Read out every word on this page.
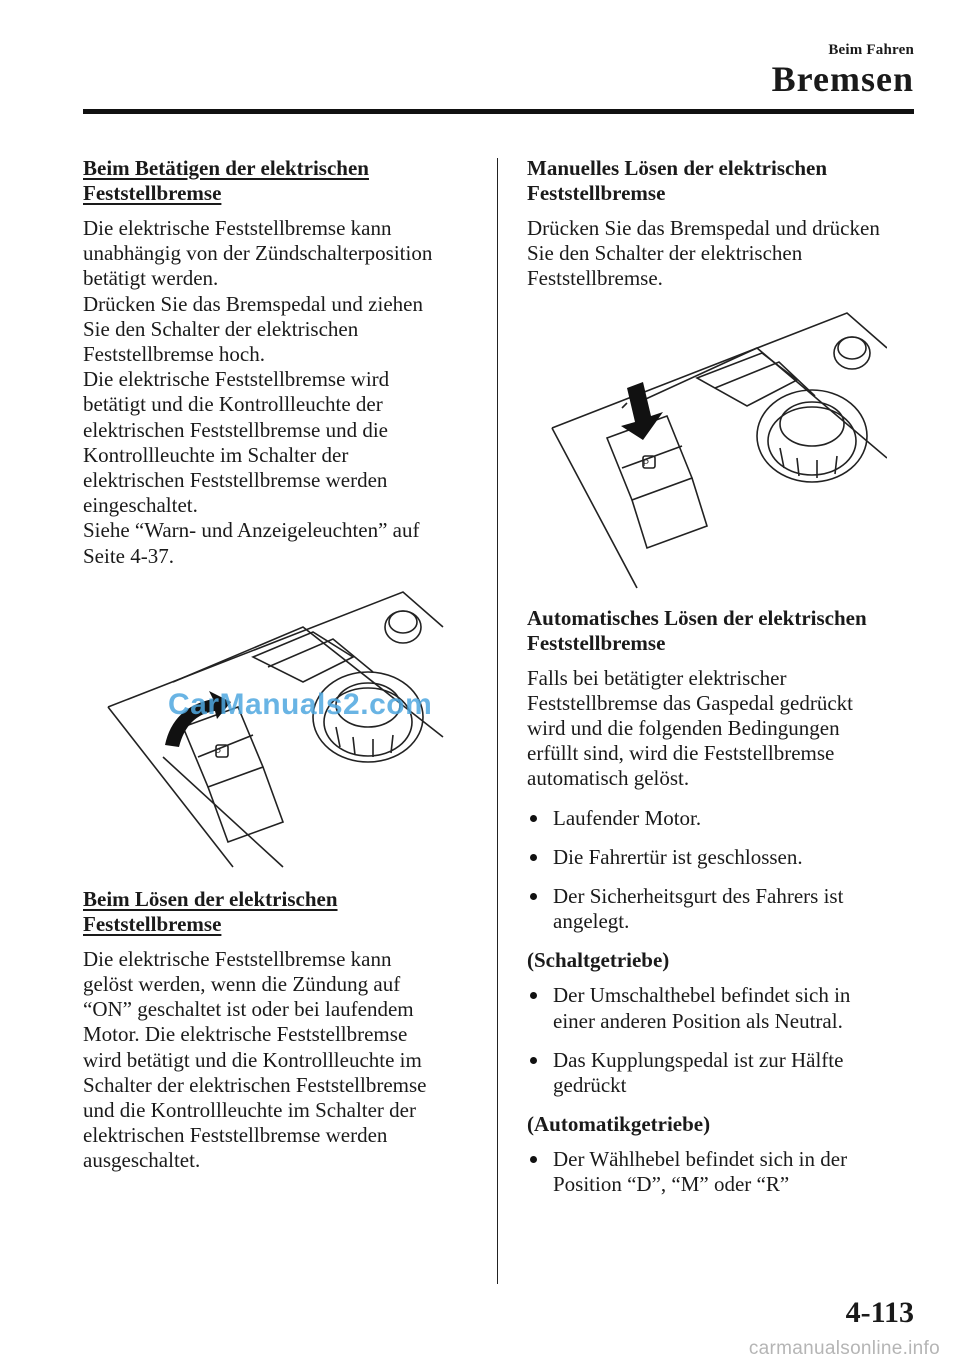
Beim Fahren
Bremsen
Beim Betätigen der elektrischen
Feststellbremse

Die elektrische Feststellbremse kann
unabhängig von der Zündschalterposition
betätigt werden.
Drücken Sie das Bremspedal und ziehen
Sie den Schalter der elektrischen
Feststellbremse hoch.
Die elektrische Feststellbremse wird
betätigt und die Kontrollleuchte der
elektrischen Feststellbremse und die
Kontrollleuchte im Schalter der
elektrischen Feststellbremse werden
eingeschaltet.
Siehe “Warn- und Anzeigeleuchten” auf
Seite 4-37.

P
Beim Lösen der elektrischen
Feststellbremse

Die elektrische Feststellbremse kann
gelöst werden, wenn die Zündung auf
“ON” geschaltet ist oder bei laufendem
Motor. Die elektrische Feststellbremse
wird betätigt und die Kontrollleuchte im
Schalter der elektrischen Feststellbremse
und die Kontrollleuchte im Schalter der
elektrischen Feststellbremse werden
ausgeschaltet.

CarManuals2.com
Manuelles Lösen der elektrischen
Feststellbremse

Drücken Sie das Bremspedal und drücken
Sie den Schalter der elektrischen
Feststellbremse.

P
Automatisches Lösen der elektrischen
Feststellbremse

Falls bei betätigter elektrischer
Feststellbremse das Gaspedal gedrückt
wird und die folgenden Bedingungen
erfüllt sind, wird die Feststellbremse
automatisch gelöst.

Laufender Motor.
Die Fahrertür ist geschlossen.
Der Sicherheitsgurt des Fahrers ist
angelegt.
(Schaltgetriebe)
Der Umschalthebel befindet sich in
einer anderen Position als Neutral.
Das Kupplungspedal ist zur Hälfte
gedrückt
(Automatikgetriebe)
Der Wählhebel befindet sich in der
Position “D”, “M” oder “R”
4-113
carmanualsonline.info
